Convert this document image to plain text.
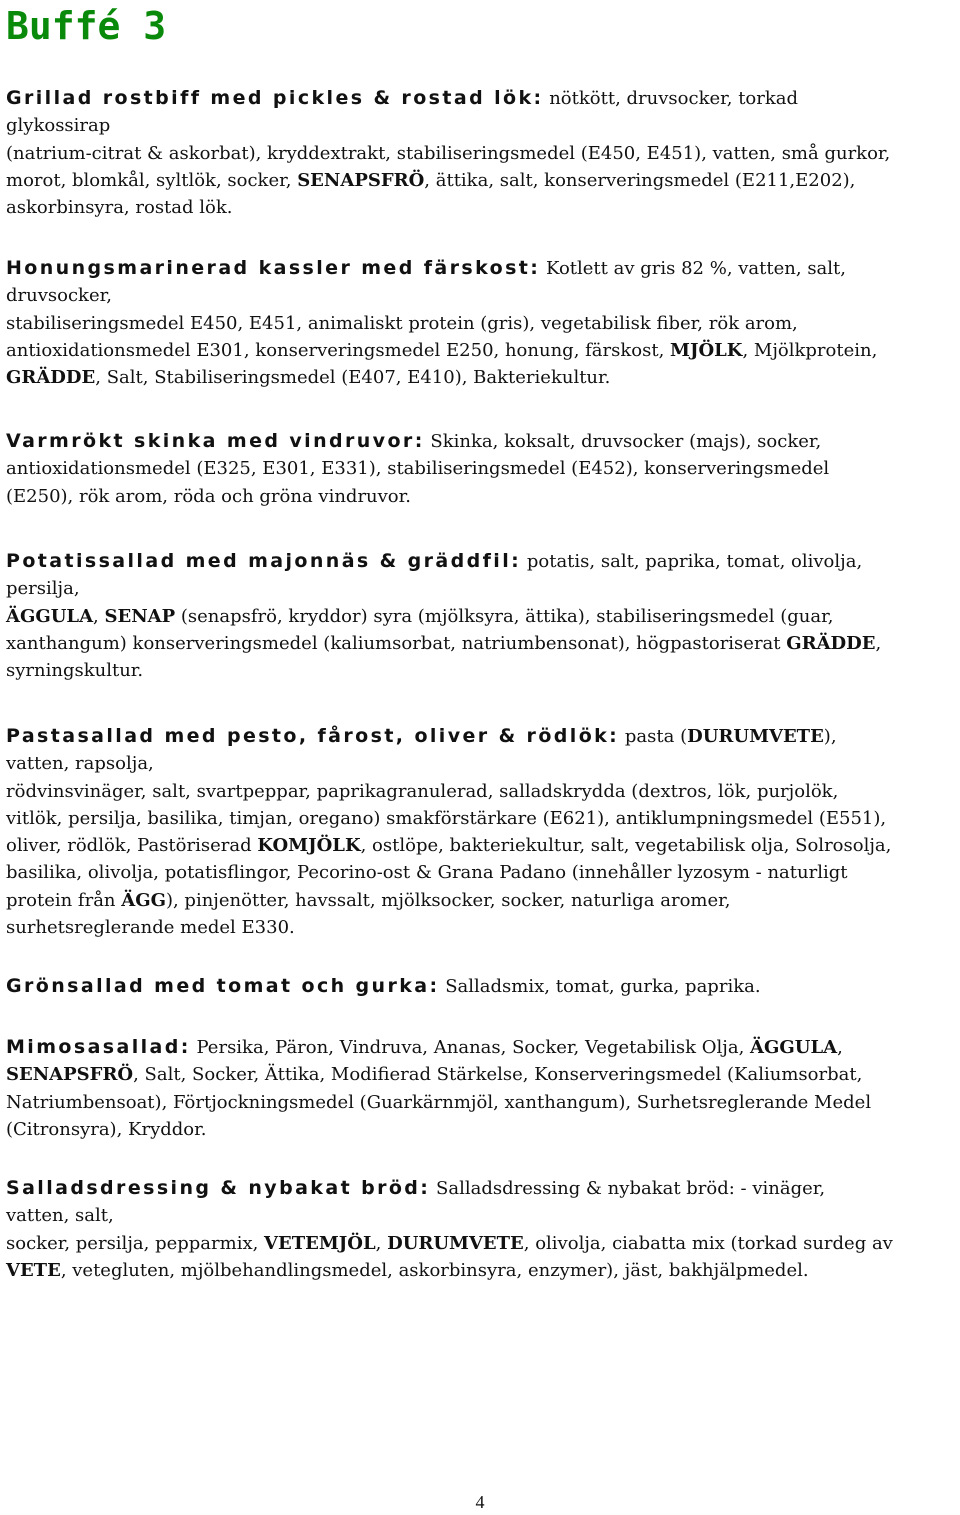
Buffé 3

Grillad rostbiff med pickles & rostad lök: nötkött, druvsocker, torkad
glykossirap
(natrium-citrat & askorbat), kryddextrakt, stabiliseringsmedel (E450, E451), vatten, små gurkor,
morot, blomkål, syltlök, socker, SENAPSFRÖ, ättika, salt, konserveringsmedel (E211,E202),
askorbinsyra, rostad lök.

Honungsmarinerad kassler med färskost: Kotlett av gris 82 %, vatten, salt,
druvsocker,
stabiliseringsmedel E450, E451, animaliskt protein (gris), vegetabilisk fiber, rök arom,
antioxidationsmedel E301, konserveringsmedel E250, honung, färskost, MJÖLK, Mjölkprotein,
GRÄDDE, Salt, Stabiliseringsmedel (E407, E410), Bakteriekultur.

Varmrökt skinka med vindruvor: Skinka, koksalt, druvsocker (majs), socker,
antioxidationsmedel (E325, E301, E331), stabiliseringsmedel (E452), konserveringsmedel
(E250), rök arom, röda och gröna vindruvor.

Potatissallad med majonnäs & gräddfil: potatis, salt, paprika, tomat, olivolja,
persilja,
ÄGGULA, SENAP (senapsfrö, kryddor) syra (mjölksyra, ättika), stabiliseringsmedel (guar,
xanthangum) konserveringsmedel (kaliumsorbat, natriumbensonat), högpastoriserat GRÄDDE,
syrningskultur.

Pastasallad med pesto, fårost, oliver & rödlök: pasta (DURUMVETE),
vatten, rapsolja,
rödvinsvinäger, salt, svartpeppar, paprikagranulerad, salladskrydda (dextros, lök, purjolök,
vitlök, persilja, basilika, timjan, oregano) smakförstärkare (E621), antiklumpningsmedel (E551),
oliver, rödlök, Pastöriserad KOMJÖLK, ostlöpe, bakteriekultur, salt, vegetabilisk olja, Solrosolja,
basilika, olivolja, potatisflingor, Pecorino-ost & Grana Padano (innehåller lyzosym - naturligt
protein från ÄGG), pinjenötter, havssalt, mjölksocker, socker, naturliga aromer,
surhetsreglerande medel E330.

Grönsallad med tomat och gurka: Salladsmix, tomat, gurka, paprika.

Mimosasallad: Persika, Päron, Vindruva, Ananas, Socker, Vegetabilisk Olja, ÄGGULA,
SENAPSFRÖ, Salt, Socker, Ättika, Modifierad Stärkelse, Konserveringsmedel (Kaliumsorbat,
Natriumbensoat), Förtjockningsmedel (Guarkärnmjöl, xanthangum), Surhetsreglerande Medel
(Citronsyra), Kryddor.

Salladsdressing & nybakat bröd: Salladsdressing & nybakat bröd: - vinäger,
vatten, salt,
socker, persilja, pepparmix, VETEMJÖL, DURUMVETE, olivolja, ciabatta mix (torkad surdeg av
VETE, vetegluten, mjölbehandlingsmedel, askorbinsyra, enzymer), jäst, bakhjälpmedel.

4
